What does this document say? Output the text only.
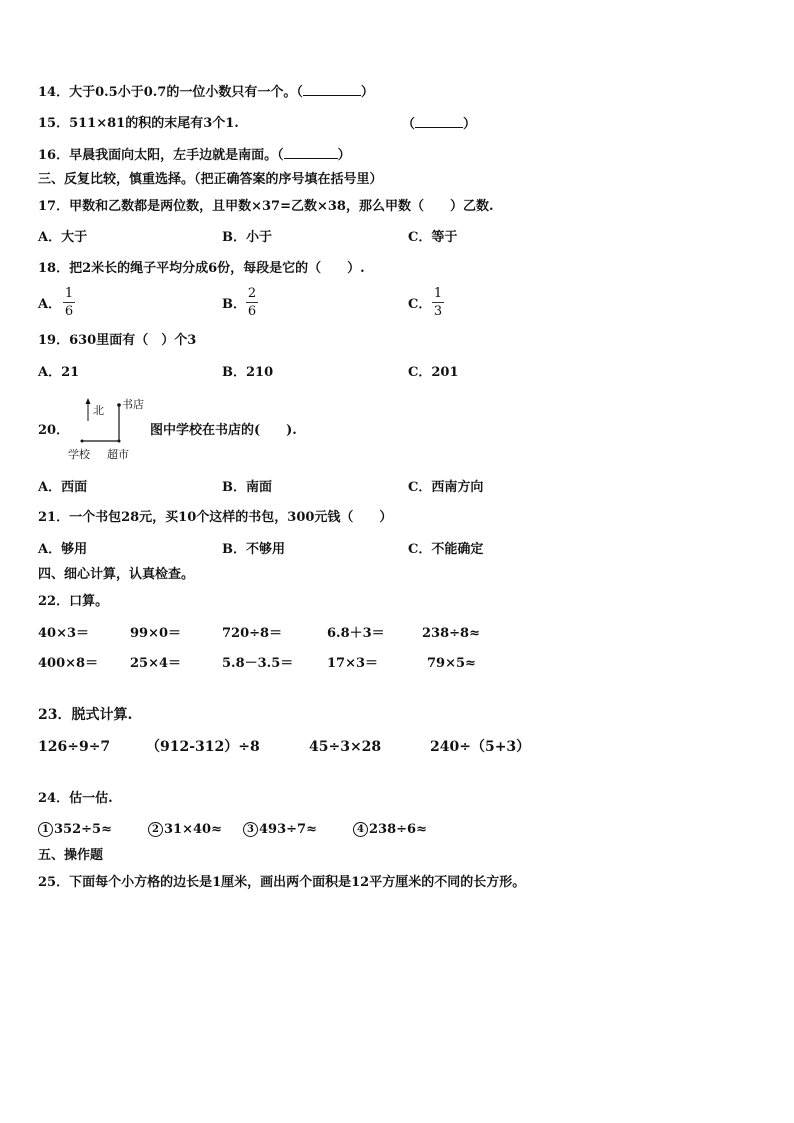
14．大于0.5小于0.7的一位小数只有一个。（	）
15．511×81的积的末尾有3个1.	（	）
16．早晨我面向太阳，左手边就是南面。（	）
三、反复比较，慎重选择。（把正确答案的序号填在括号里）
17．甲数和乙数都是两位数，且甲数×37=乙数×38，那么甲数（　　）乙数.
A．大于	B．小于	C．等于
18．把2米长的绳子平均分成6份，每段是它的（　　）.
A． $\frac{1}{6}$	B． $\frac{2}{6}$	C． $\frac{1}{3}$
19．630里面有（　）个3
A．21	B．210	C．201
20．
北 书店
学校 超市
图中学校在书店的(　　).
A．西面	B．南面	C．西南方向
21．一个书包28元，买10个这样的书包，300元钱（　　）
A．够用	B．不够用	C．不能确定
四、细心计算，认真检查。
22．口算。
40×3＝	99×0＝	720÷8＝	6.8＋3＝	238÷8≈
400×8＝ 25×4＝	5.8－3.5＝	17×3＝	79×5≈
23．脱式计算.
126÷9÷7	（912-312）÷8	45÷3×28	240÷（5+3）
24．估一估.
1 352÷5≈	2 31×40≈	3 493÷7≈	4 238÷6≈
五、操作题
25．下面每个小方格的边长是1厘米，画出两个面积是12平方厘米的不同的长方形。
